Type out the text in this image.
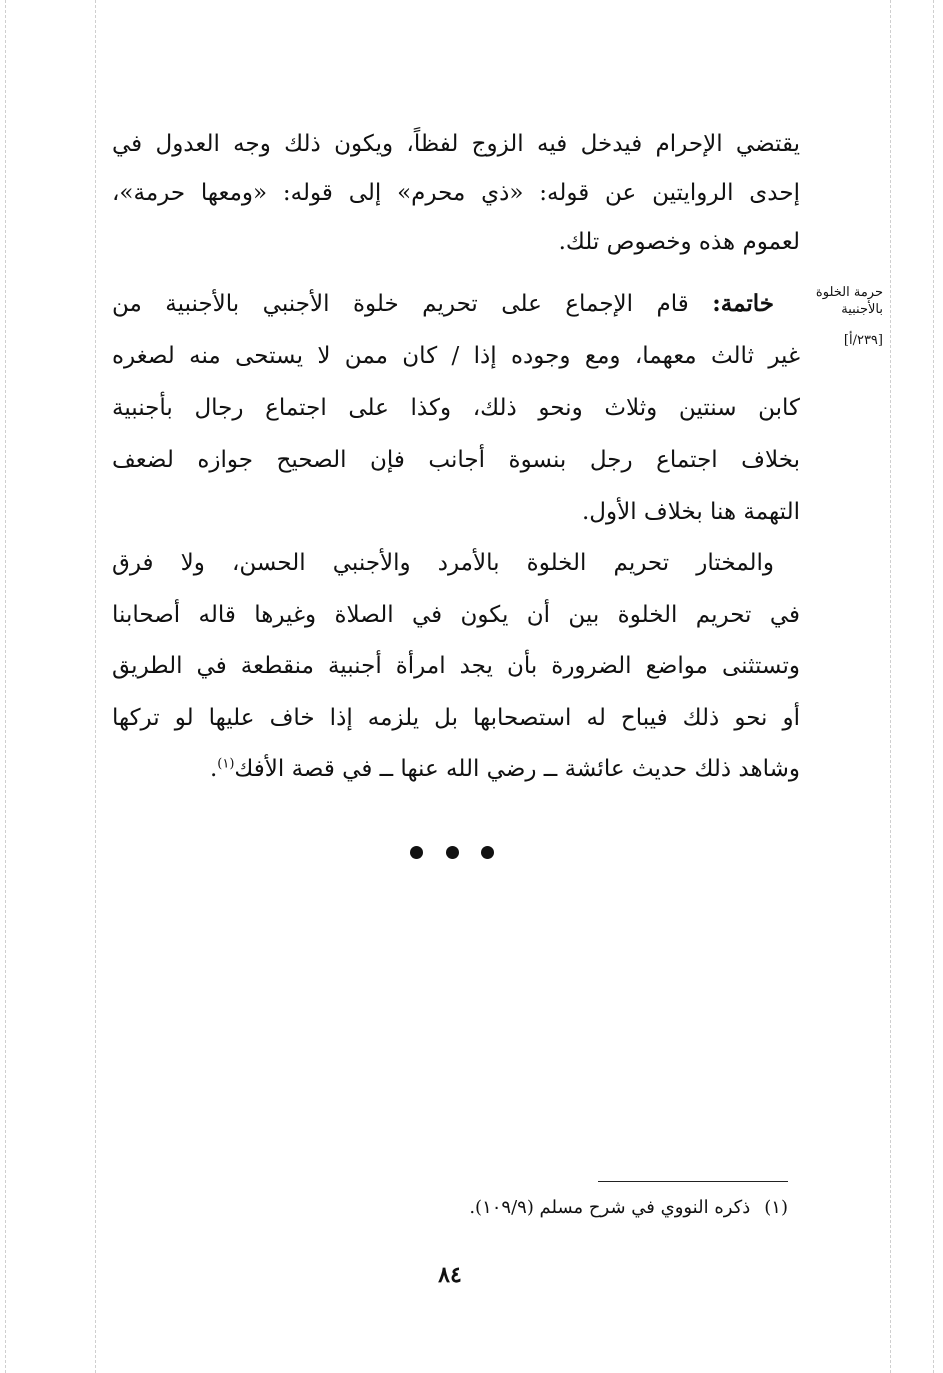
يقتضي الإحرام فيدخل فيه الزوج لفظاً، ويكون ذلك وجه العدول في
إحدى الروايتين عن قوله: «ذي محرم» إلى قوله: «ومعها حرمة»،
لعموم هذه وخصوص تلك.

خاتمة: قام الإجماع على تحريم خلوة الأجنبي بالأجنبية من
غير ثالث معهما، ومع وجوده إذا / كان ممن لا يستحى منه لصغره
كابن سنتين وثلاث ونحو ذلك، وكذا على اجتماع رجال بأجنبية
بخلاف اجتماع رجل بنسوة أجانب فإن الصحيح جوازه لضعف
التهمة هنا بخلاف الأول.

والمختار تحريم الخلوة بالأمرد والأجنبي الحسن، ولا فرق
في تحريم الخلوة بين أن يكون في الصلاة وغيرها قاله أصحابنا
وتستثنى مواضع الضرورة بأن يجد امرأة أجنبية منقطعة في الطريق
أو نحو ذلك فيباح له استصحابها بل يلزمه إذا خاف عليها لو تركها
وشاهد ذلك حديث عائشة ــ رضي الله عنها ــ في قصة الأفك$^{(١)}$.

حرمة الخلوة
بالأجنبية
[٢٣٩/أ]
(١)ذكره النووي في شرح مسلم (١٠٩/٩).
٨٤
